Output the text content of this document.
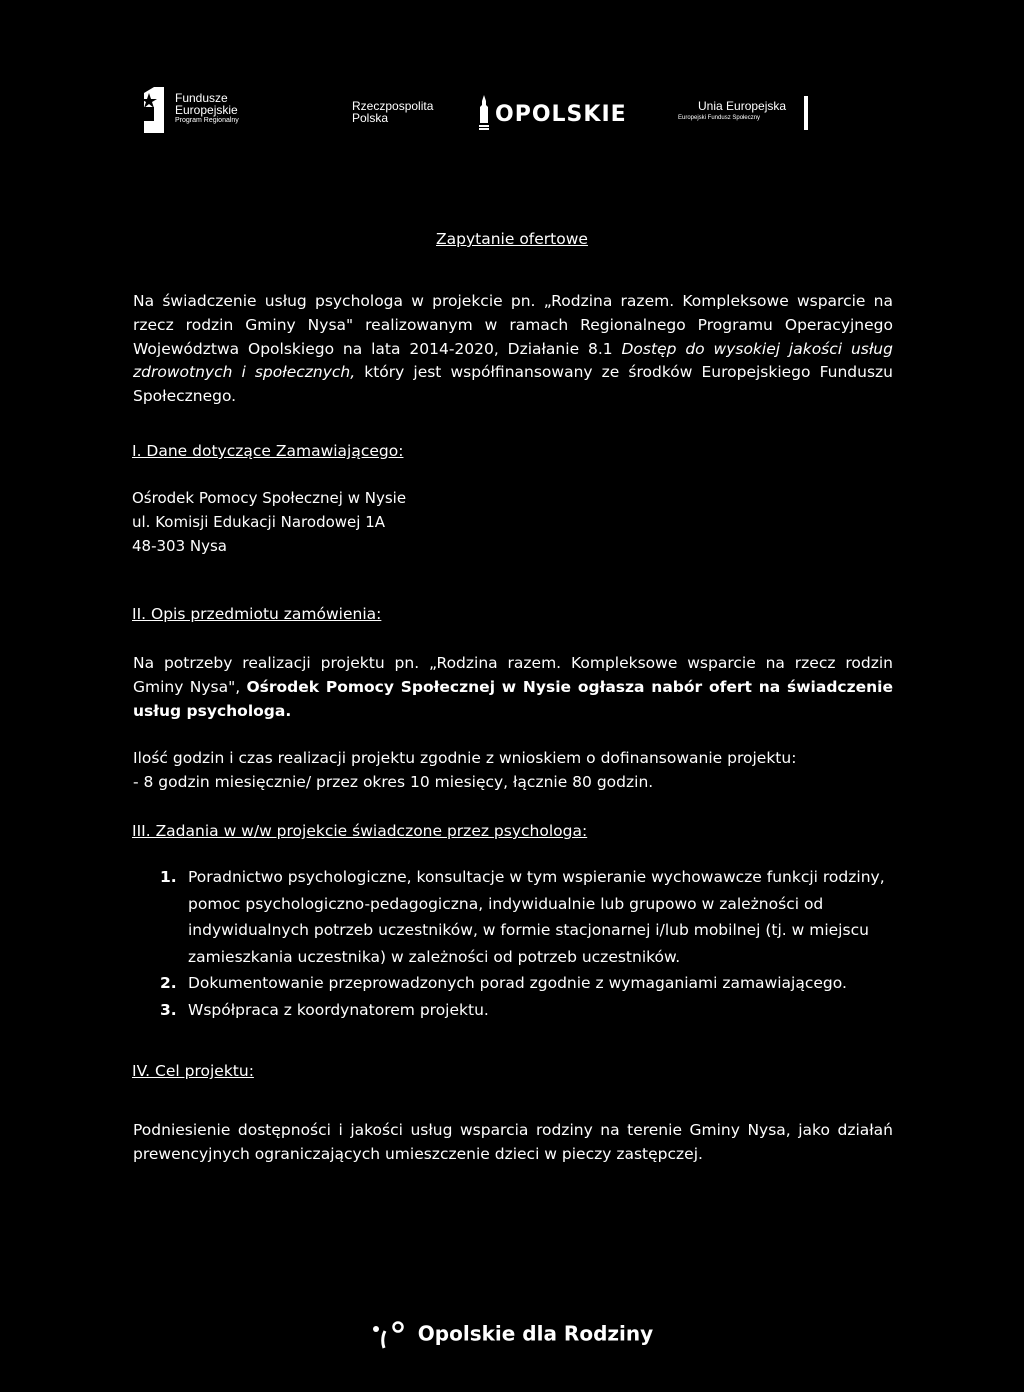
Fundusze
Europejskie
Program Regionalny
Rzeczpospolita
Polska	OPOLSKIE	Unia Europejska
Europejski Fundusz Społeczny
Zapytanie ofertowe
Na świadczenie usług psychologa w projekcie pn. „Rodzina razem. Kompleksowe wsparcie na rzecz rodzin Gminy Nysa" realizowanym w ramach Regionalnego Programu Operacyjnego Województwa Opolskiego na lata 2014-2020, Działanie 8.1 Dostęp do wysokiej jakości usług zdrowotnych i społecznych, który jest współfinansowany ze środków Europejskiego Funduszu Społecznego.
I. Dane dotyczące Zamawiającego:
Ośrodek Pomocy Społecznej w Nysie
ul. Komisji Edukacji Narodowej 1A
48-303 Nysa
II. Opis przedmiotu zamówienia:
Na potrzeby realizacji projektu pn. „Rodzina razem. Kompleksowe wsparcie na rzecz rodzin Gminy Nysa", Ośrodek Pomocy Społecznej w Nysie ogłasza nabór ofert na świadczenie usług psychologa.
Ilość godzin i czas realizacji projektu zgodnie z wnioskiem o dofinansowanie projektu:
- 8 godzin miesięcznie/ przez okres 10 miesięcy, łącznie 80 godzin.
III. Zadania w w/w projekcie świadczone przez psychologa:
1. Poradnictwo psychologiczne, konsultacje w tym wspieranie wychowawcze funkcji rodziny, pomoc psychologiczno-pedagogiczna, indywidualnie lub grupowo w zależności od indywidualnych potrzeb uczestników, w formie stacjonarnej i/lub mobilnej (tj. w miejscu zamieszkania uczestnika) w zależności od potrzeb uczestników.
2. Dokumentowanie przeprowadzonych porad zgodnie z wymaganiami zamawiającego.
3. Współpraca z koordynatorem projektu.
IV. Cel projektu:
Podniesienie dostępności i jakości usług wsparcia rodziny na terenie Gminy Nysa, jako działań prewencyjnych ograniczających umieszczenie dzieci w pieczy zastępczej.
Opolskie dla Rodziny
